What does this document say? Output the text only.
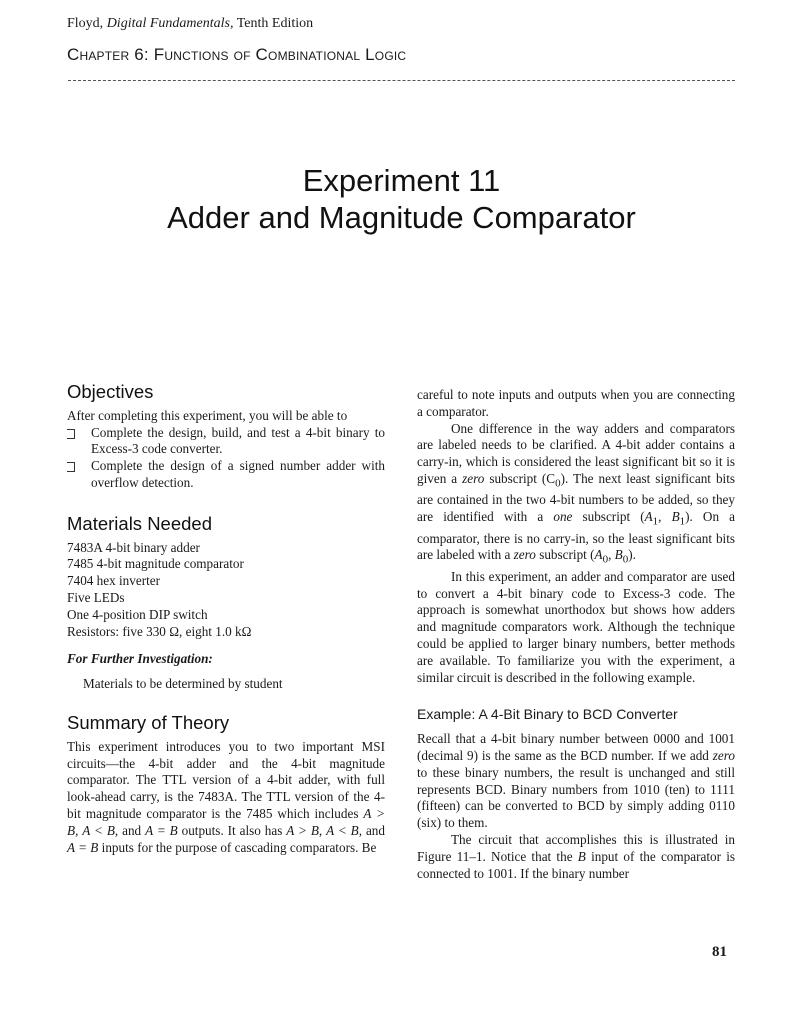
Floyd, Digital Fundamentals, Tenth Edition
Chapter 6: Functions of Combinational Logic
Experiment 11
Adder and Magnitude Comparator
Objectives

After completing this experiment, you will be able to

Complete the design, build, and test a 4-bit binary to Excess-3 code converter.
Complete the design of a signed number adder with overflow detection.
Materials Needed
7483A 4-bit binary adder
7485 4-bit magnitude comparator
7404 hex inverter
Five LEDs
One 4-position DIP switch
Resistors: five 330 Ω, eight 1.0 kΩ
For Further Investigation:
Materials to be determined by student
Summary of Theory

This experiment introduces you to two important MSI circuits—the 4-bit adder and the 4-bit magnitude comparator. The TTL version of a 4-bit adder, with full look-ahead carry, is the 7483A. The TTL version of the 4-bit magnitude comparator is the 7485 which includes A > B, A < B, and A = B outputs. It also has A > B, A < B, and A = B inputs for the purpose of cascading comparators. Be

careful to note inputs and outputs when you are connecting a comparator.

One difference in the way adders and comparators are labeled needs to be clarified. A 4-bit adder contains a carry-in, which is considered the least significant bit so it is given a zero subscript $(C_0)$. The next least significant bits are contained in the two 4-bit numbers to be added, so they are identified with a one subscript ($A_1$, $B_1$). On a comparator, there is no carry-in, so the least significant bits are labeled with a zero subscript ($A_0$, $B_0$).

In this experiment, an adder and comparator are used to convert a 4-bit binary code to Excess-3 code. The approach is somewhat unorthodox but shows how adders and magnitude comparators work. Although the technique could be applied to larger binary numbers, better methods are available. To familiarize you with the experiment, a similar circuit is described in the following example.

Example: A 4-Bit Binary to BCD Converter

Recall that a 4-bit binary number between 0000 and 1001 (decimal 9) is the same as the BCD number. If we add zero to these binary numbers, the result is unchanged and still represents BCD. Binary numbers from 1010 (ten) to 1111 (fifteen) can be converted to BCD by simply adding 0110 (six) to them.

The circuit that accomplishes this is illustrated in Figure 11–1. Notice that the B input of the comparator is connected to 1001. If the binary number

81
